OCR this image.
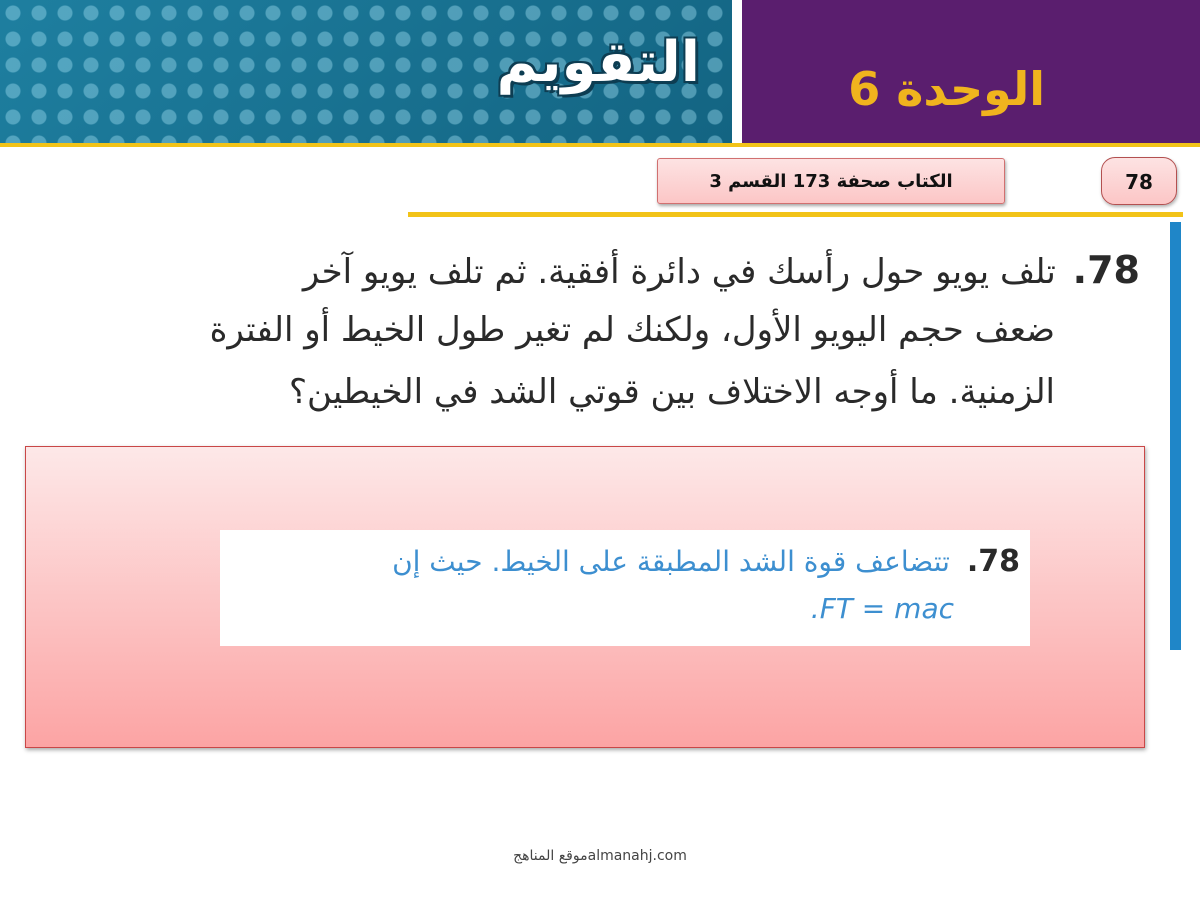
التقويم	الوحدة 6
الكتاب صحفة 173 القسم 3	78
78. تلف يويو حول رأسك في دائرة أفقية. ثم تلف يويو آخر
ضعف حجم اليويو الأول، ولكنك لم تغير طول الخيط أو الفترة
الزمنية. ما أوجه الاختلاف بين قوتي الشد في الخيطين؟
78. تتضاعف قوة الشد المطبقة على الخيط. حيث إن
.FT = mac
موقع المناهجalmanahj.com
